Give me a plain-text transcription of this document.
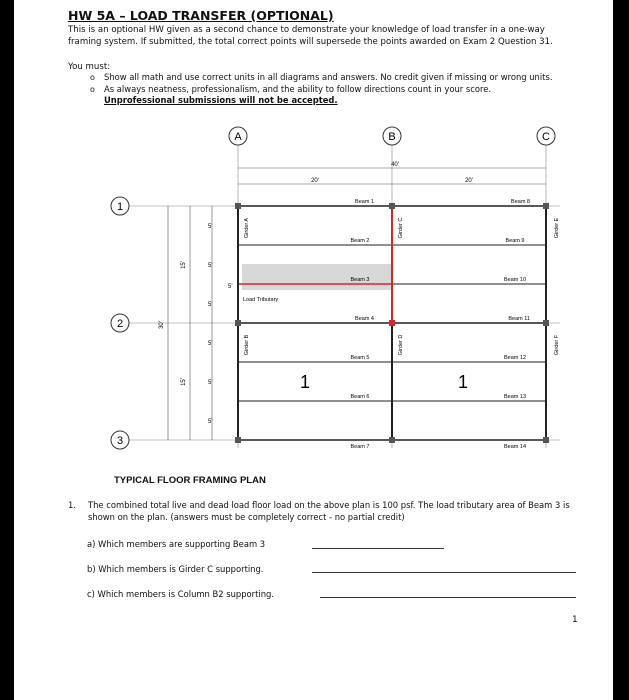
HW 5A – LOAD TRANSFER (OPTIONAL)

This is an optional HW given as a second chance to demonstrate your knowledge of load transfer in a one-way framing system. If submitted, the total correct points will supersede the points awarded on Exam 2 Question 31.

You must:
o Show all math and use correct units in all diagrams and answers. No credit given if missing or wrong units.
o As always neatness, professionalism, and the ability to follow directions count in your score. Unprofessional submissions will not be accepted.
A	B	C
1
2
3
20'
40'
20'
30'
15'
15'
5'
5'
5'
5'
5'
5'
5'
Beam 1
Beam 2
Beam 3
Beam 4
Beam 5
Beam 6
Beam 7
Beam 8
Beam 9
Beam 10
Beam 11
Beam 12
Beam 13
Beam 14
Girder A
Girder B
Girder C
Girder D
Girder E
Girder F
Load Tributary
1	1
TYPICAL FLOOR FRAMING PLAN
1. The combined total live and dead load floor load on the above plan is 100 psf. The load tributary area of Beam 3 is shown on the plan. (answers must be completely correct - no partial credit)
a) Which members are supporting Beam 3
b) Which members is Girder C supporting.
c) Which members is Column B2 supporting.
1
